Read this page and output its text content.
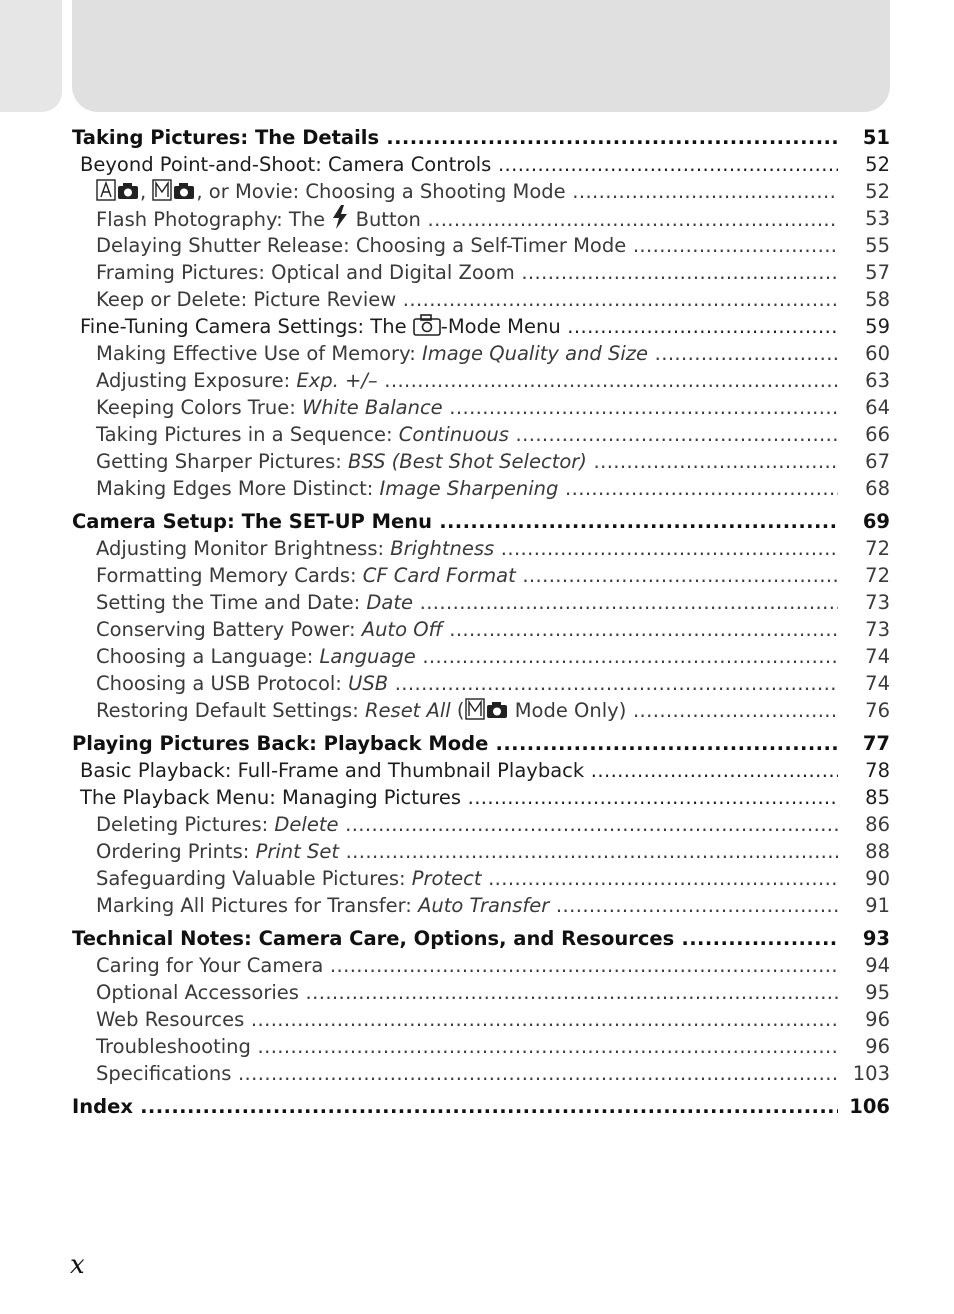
Taking Pictures: The Details .....	51
Beyond Point-and-Shoot: Camera Controls .....	52
, , or Movie: Choosing a Shooting Mode .....	52
Flash Photography: The  Button .....	53
Delaying Shutter Release: Choosing a Self-Timer Mode .....	55
Framing Pictures: Optical and Digital Zoom .....	57
Keep or Delete: Picture Review .....	58
Fine-Tuning Camera Settings: The -Mode Menu .....	59
Making Effective Use of Memory: Image Quality and Size .....	60
Adjusting Exposure: Exp. +/– .....	63
Keeping Colors True: White Balance .....	64
Taking Pictures in a Sequence: Continuous .....	66
Getting Sharper Pictures: BSS (Best Shot Selector) .....	67
Making Edges More Distinct: Image Sharpening .....	68
Camera Setup: The SET-UP Menu .....	69
Adjusting Monitor Brightness: Brightness .....	72
Formatting Memory Cards: CF Card Format .....	72
Setting the Time and Date: Date .....	73
Conserving Battery Power: Auto Off .....	73
Choosing a Language: Language .....	74
Choosing a USB Protocol: USB .....	74
Restoring Default Settings: Reset All ( Mode Only) .....	76
Playing Pictures Back: Playback Mode .....	77
Basic Playback: Full-Frame and Thumbnail Playback .....	78
The Playback Menu: Managing Pictures .....	85
Deleting Pictures: Delete .....	86
Ordering Prints: Print Set .....	88
Safeguarding Valuable Pictures: Protect .....	90
Marking All Pictures for Transfer: Auto Transfer .....	91
Technical Notes: Camera Care, Options, and Resources .....	93
Caring for Your Camera .....	94
Optional Accessories .....	95
Web Resources .....	96
Troubleshooting .....	96
Specifications .....	103
Index .....	106
x
